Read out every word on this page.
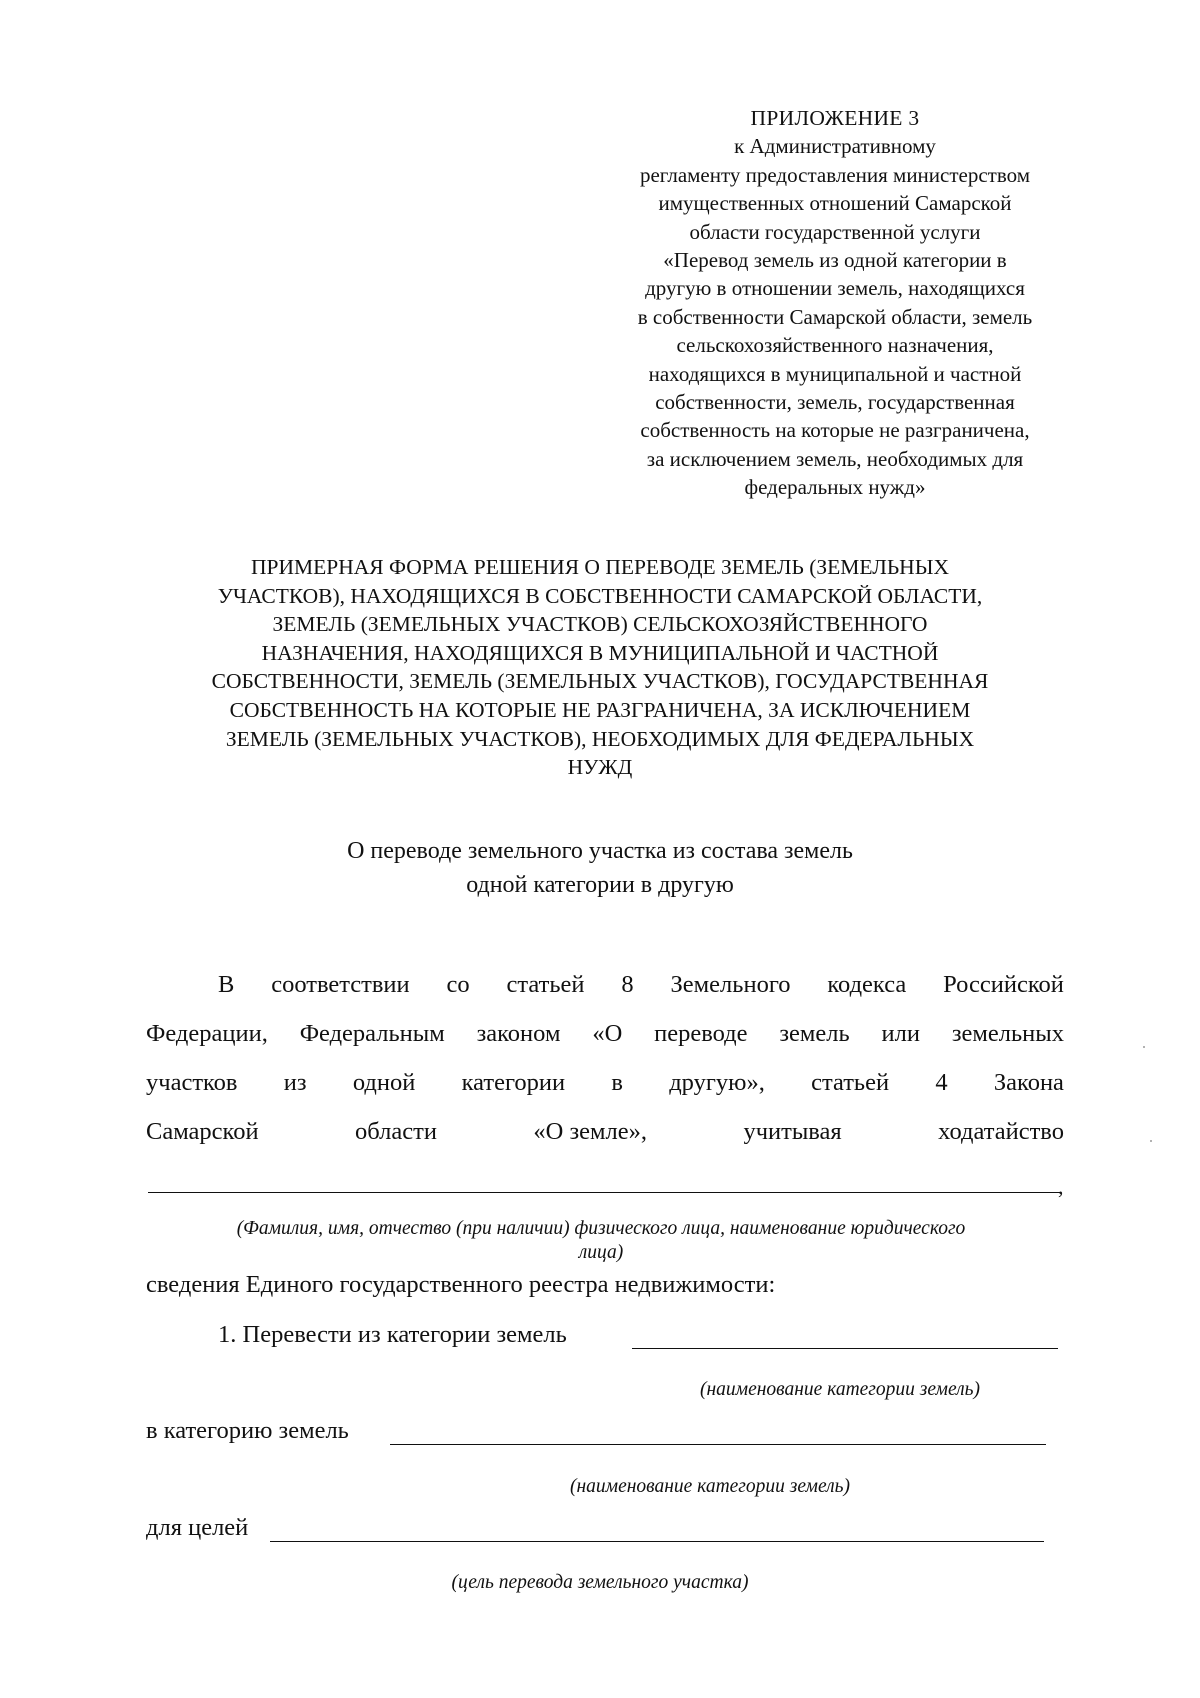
ПРИЛОЖЕНИЕ 3
к Административному
регламенту предоставления министерством
имущественных отношений Самарской
области государственной услуги
«Перевод земель из одной категории в
другую в отношении земель, находящихся
в собственности Самарской области, земель
сельскохозяйственного назначения,
находящихся в муниципальной и частной
собственности, земель, государственная
собственность на которые не разграничена,
за исключением земель, необходимых для
федеральных нужд»
ПРИМЕРНАЯ ФОРМА РЕШЕНИЯ О ПЕРЕВОДЕ ЗЕМЕЛЬ (ЗЕМЕЛЬНЫХ
УЧАСТКОВ), НАХОДЯЩИХСЯ В СОБСТВЕННОСТИ САМАРСКОЙ ОБЛАСТИ,
ЗЕМЕЛЬ (ЗЕМЕЛЬНЫХ УЧАСТКОВ) СЕЛЬСКОХОЗЯЙСТВЕННОГО
НАЗНАЧЕНИЯ, НАХОДЯЩИХСЯ В МУНИЦИПАЛЬНОЙ И ЧАСТНОЙ
СОБСТВЕННОСТИ, ЗЕМЕЛЬ (ЗЕМЕЛЬНЫХ УЧАСТКОВ), ГОСУДАРСТВЕННАЯ
СОБСТВЕННОСТЬ НА КОТОРЫЕ НЕ РАЗГРАНИЧЕНА, ЗА ИСКЛЮЧЕНИЕМ
ЗЕМЕЛЬ (ЗЕМЕЛЬНЫХ УЧАСТКОВ), НЕОБХОДИМЫХ ДЛЯ ФЕДЕРАЛЬНЫХ
НУЖД
О переводе земельного участка из состава земель
одной категории в другую
В соответствии со статьей 8 Земельного кодекса Российской
Федерации, Федеральным законом «О переводе земель или земельных
участков из одной категории в другую», статьей 4 Закона
Самарской	области	«О земле»,	учитывая	ходатайство
,
(Фамилия, имя, отчество (при наличии) физического лица, наименование юридического
лица)
сведения Единого государственного реестра недвижимости:
1. Перевести из категории земель
(наименование категории земель)
в категорию земель
(наименование категории земель)
для целей
(цель перевода земельного участка)
